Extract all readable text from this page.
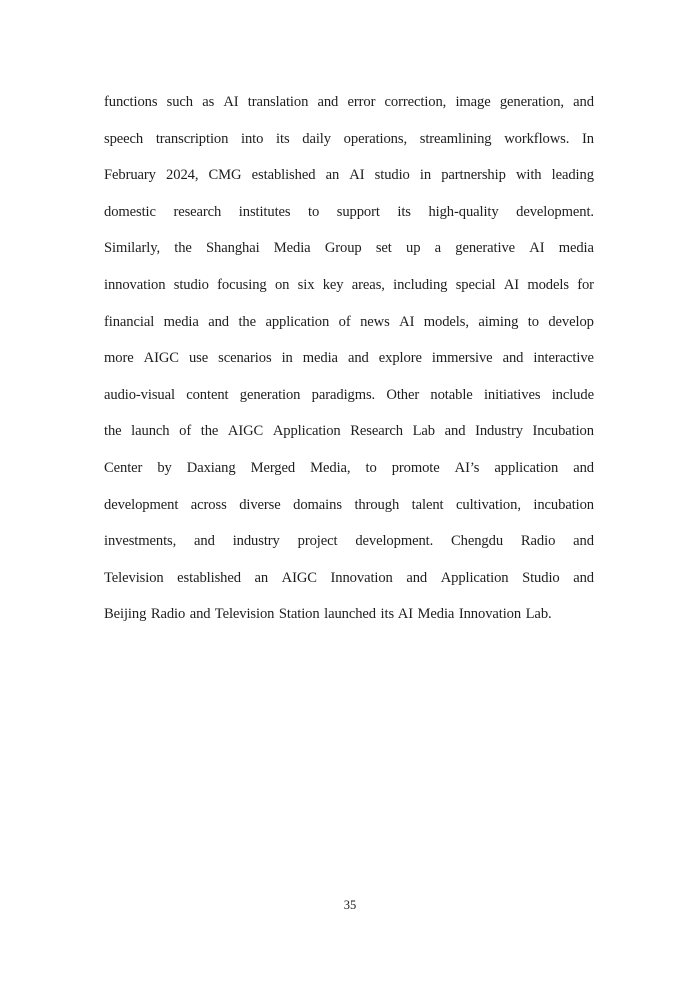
functions such as AI translation and error correction, image generation, and
speech transcription into its daily operations, streamlining workflows. In
February 2024, CMG established an AI studio in partnership with leading
domestic research institutes to support its high-quality development.
Similarly, the Shanghai Media Group set up a generative AI media
innovation studio focusing on six key areas, including special AI models for
financial media and the application of news AI models, aiming to develop
more AIGC use scenarios in media and explore immersive and interactive
audio-visual content generation paradigms. Other notable initiatives include
the launch of the AIGC Application Research Lab and Industry Incubation
Center by Daxiang Merged Media, to promote AI’s application and
development across diverse domains through talent cultivation, incubation
investments, and industry project development. Chengdu Radio and
Television established an AIGC Innovation and Application Studio and
Beijing Radio and Television Station launched its AI Media Innovation Lab.
35
